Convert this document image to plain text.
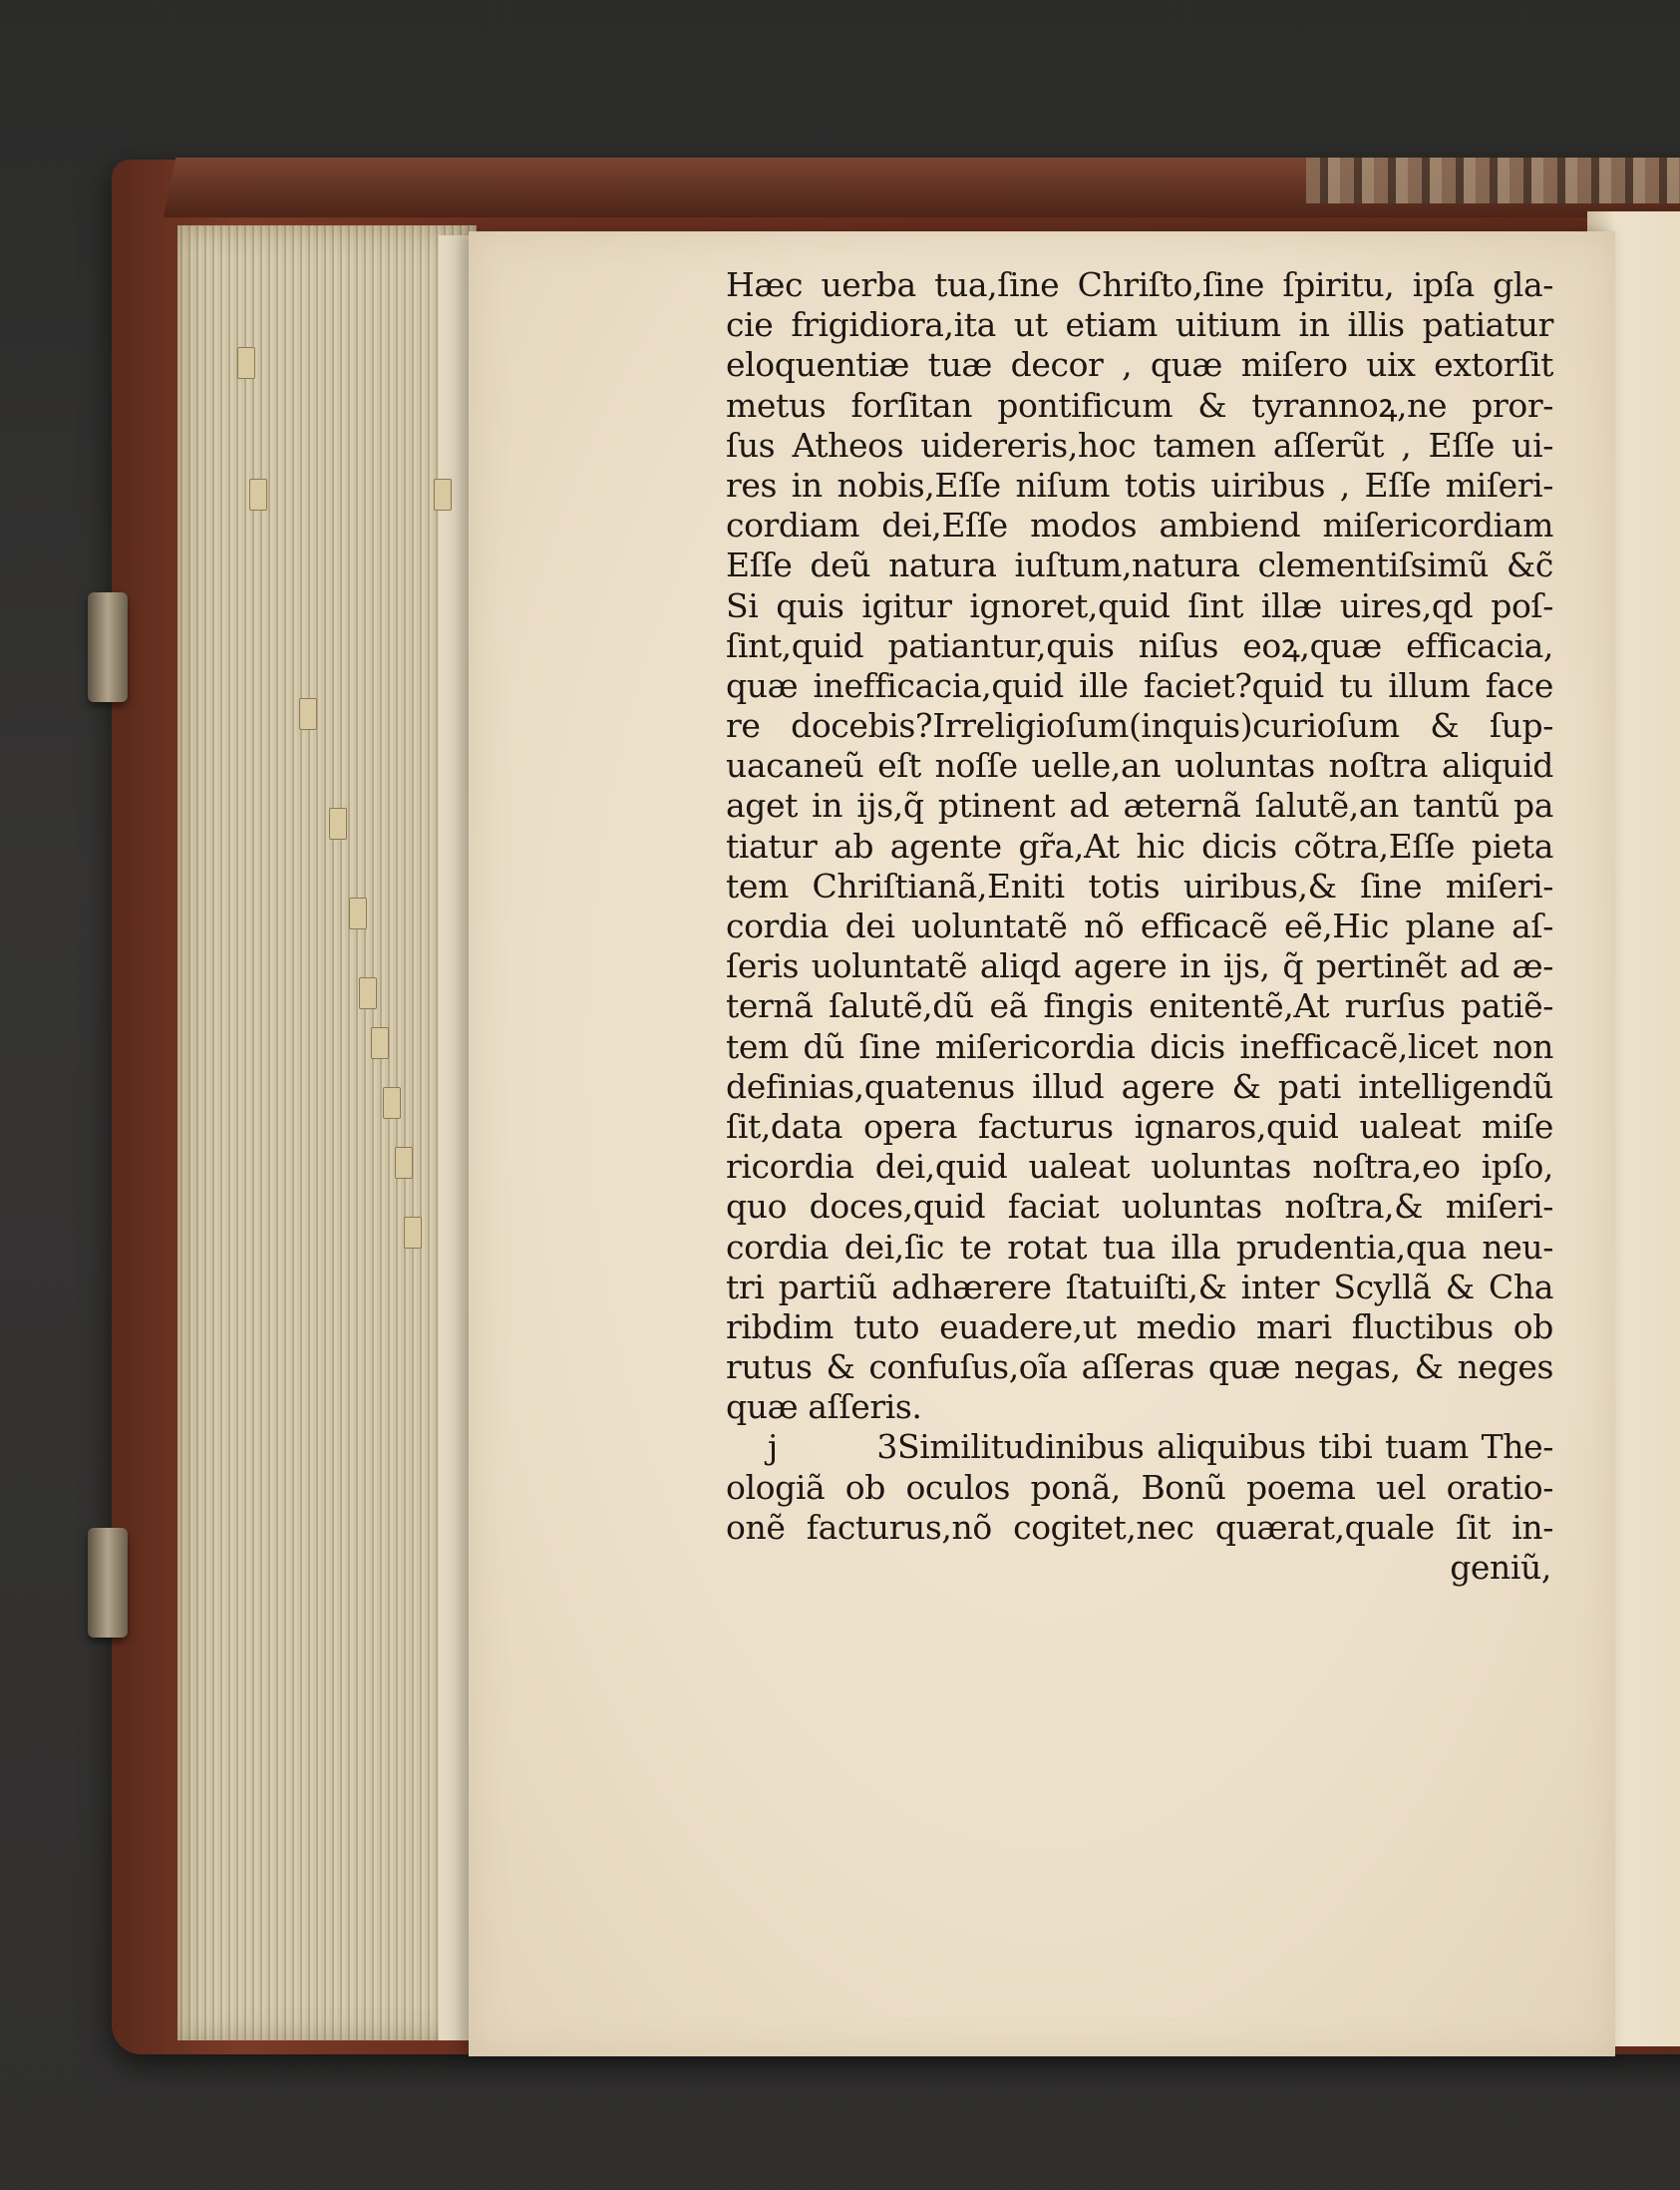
Hæc uerba tua,ſine Chriſto,ſine ſpiritu, ipſa gla‑
cie frigidiora,ita ut etiam uitium in illis patiatur
eloquentiæ tuæ decor , quæ miſero uix extorſit
metus forſitan pontificum & tyrannoꝝ,ne pror‑
ſus Atheos uidereris,hoc tamen aſſerũt , Eſſe ui‑
res in nobis,Eſſe niſum totis uiribus , Eſſe miſeri‑
cordiam dei,Eſſe modos ambiend miſericordiam
Eſſe deũ natura iuſtum,natura clementiſsimũ &c̃
Si quis igitur ignoret,quid ſint illæ uires,qd poſ‑
ſint,quid patiantur,quis niſus eoꝝ,quæ efficacia,
quæ inefficacia,quid ille faciet?quid tu illum face
re docebis?Irreligioſum(inquis)curioſum & ſup‑
uacaneũ eſt noſſe uelle,an uoluntas noſtra aliquid
aget in ijs,q̃ ptinent ad æternã ſalutẽ,an tantũ pa
tiatur ab agente gr̃a,At hic dicis cõtra,Eſſe pieta
tem Chriſtianã,Eniti totis uiribus,& ſine miſeri‑
cordia dei uoluntatẽ nõ efficacẽ eẽ,Hic plane aſ‑
ſeris uoluntatẽ aliqd agere in ijs, q̃ pertinẽt ad æ‑
ternã ſalutẽ,dũ eã fingis enitentẽ,At rurſus patiẽ‑
tem dũ ſine miſericordia dicis inefficacẽ,licet non
definias,quatenus illud agere & pati intelligendũ
ſit,data opera facturus ignaros,quid ualeat miſe
ricordia dei,quid ualeat uoluntas noſtra,eo ipſo,
quo doces,quid faciat uoluntas noſtra,& miſeri‑
cordia dei,ſic te rotat tua illa prudentia,qua neu‑
tri partiũ adhærere ſtatuiſti,& inter Scyllã & Cha
ribdim tuto euadere,ut medio mari fluctibus ob
rutus & confuſus,oĩa aſſeras quæ negas, & neges
quæ aſſeris.
j 3Similitudinibus aliquibus tibi tuam The‑
ologiã ob oculos ponã, Bonũ poema uel oratio‑
onẽ facturus,nõ cogitet,nec quærat,quale ſit in‑
geniũ,
